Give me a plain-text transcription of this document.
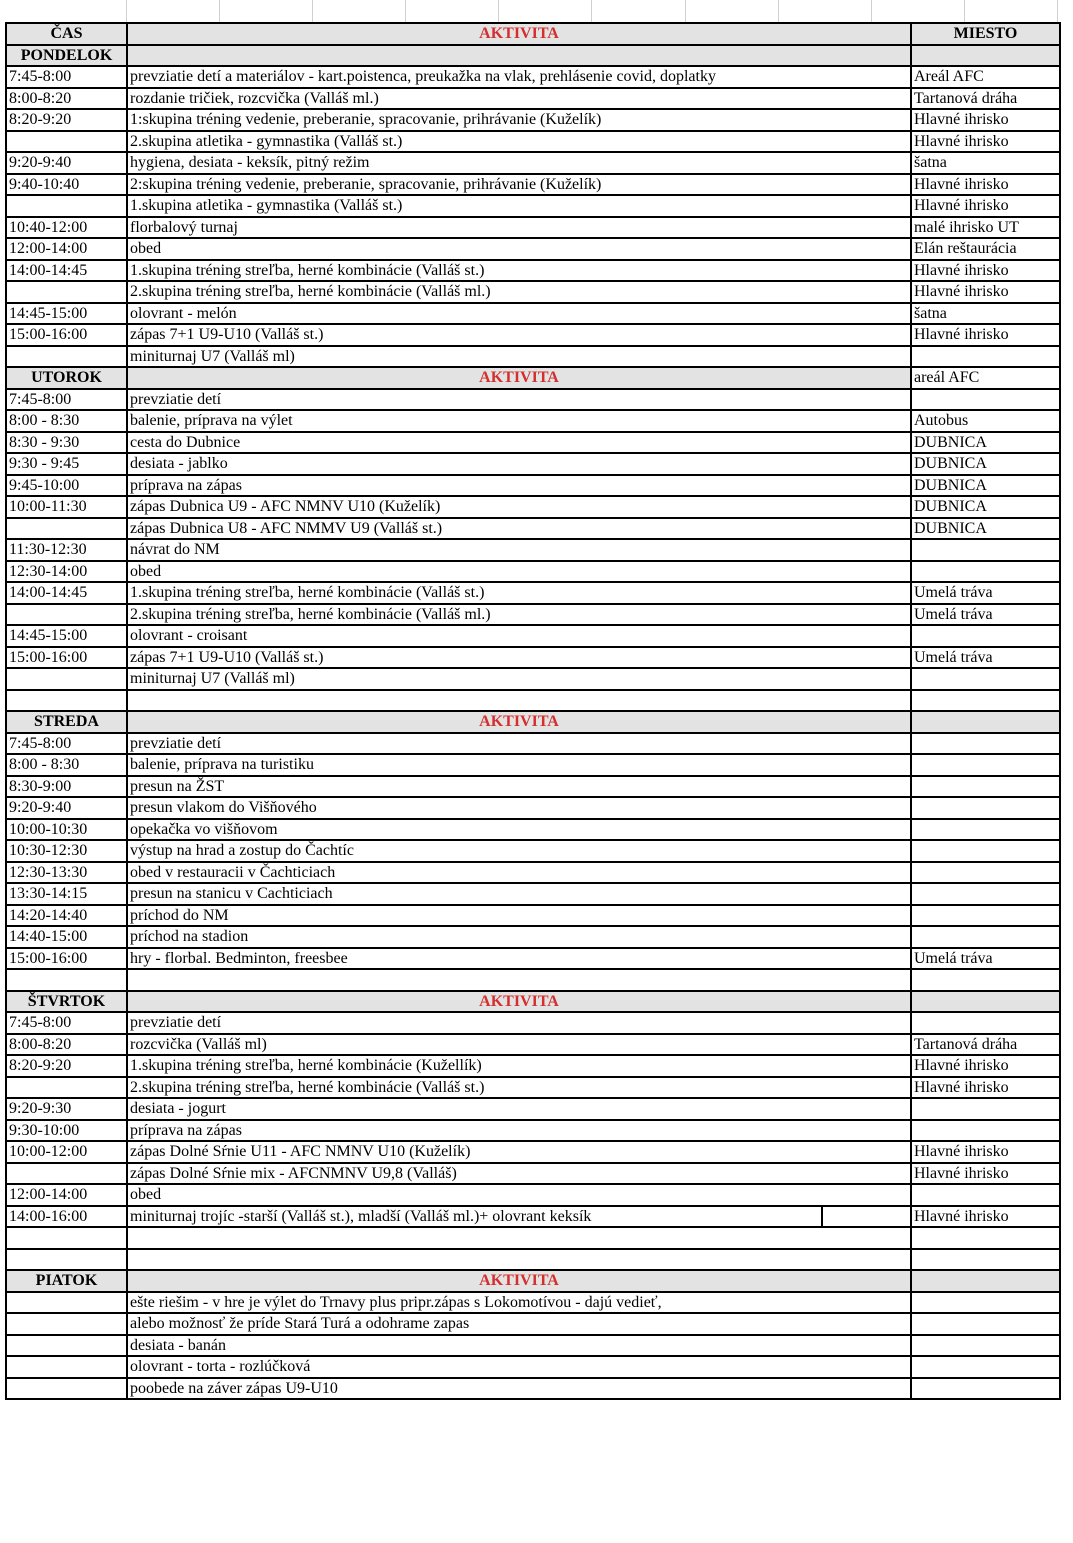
ČAS	AKTIVITA	MIESTO
PONDELOK		
7:45-8:00	prevziatie detí a materiálov - kart.poistenca, preukažka na vlak, prehlásenie covid, doplatky	Areál AFC
8:00-8:20	rozdanie tričiek, rozcvička (Valláš ml.)	Tartanová dráha
8:20-9:20	1:skupina tréning vedenie, preberanie, spracovanie, prihrávanie (Kuželík)	Hlavné ihrisko
	2.skupina atletika - gymnastika (Valláš st.)	Hlavné ihrisko
9:20-9:40	hygiena, desiata - keksík, pitný režim	šatna
9:40-10:40	2:skupina tréning vedenie, preberanie, spracovanie, prihrávanie (Kuželík)	Hlavné ihrisko
	1.skupina atletika - gymnastika (Valláš st.)	Hlavné ihrisko
10:40-12:00	florbalový turnaj	malé ihrisko UT
12:00-14:00	obed	Elán reštaurácia
14:00-14:45	1.skupina tréning streľba, herné kombinácie (Valláš st.)	Hlavné ihrisko
	2.skupina tréning streľba, herné kombinácie (Valláš ml.)	Hlavné ihrisko
14:45-15:00	olovrant - melón	šatna
15:00-16:00	zápas 7+1 U9-U10 (Valláš st.)	Hlavné ihrisko
	miniturnaj U7 (Valláš ml)	
UTOROK	AKTIVITA	areál AFC
7:45-8:00	prevziatie detí	
8:00 - 8:30	balenie, príprava na výlet	Autobus
8:30 - 9:30	cesta do Dubnice	DUBNICA
9:30 - 9:45	desiata - jablko	DUBNICA
9:45-10:00	príprava na zápas	DUBNICA
10:00-11:30	zápas Dubnica U9 - AFC NMNV U10 (Kuželík)	DUBNICA
	zápas Dubnica U8 - AFC NMMV U9 (Valláš st.)	DUBNICA
11:30-12:30	návrat do NM	
12:30-14:00	obed	
14:00-14:45	1.skupina tréning streľba, herné kombinácie (Valláš st.)	Umelá tráva
	2.skupina tréning streľba, herné kombinácie (Valláš ml.)	Umelá tráva
14:45-15:00	olovrant - croisant	
15:00-16:00	zápas 7+1 U9-U10 (Valláš st.)	Umelá tráva
	miniturnaj U7 (Valláš ml)	

STREDA	AKTIVITA	
7:45-8:00	prevziatie detí	
8:00 - 8:30	balenie, príprava na turistiku	
8:30-9:00	presun na ŽST	
9:20-9:40	presun vlakom do Višňového	
10:00-10:30	opekačka vo višňovom	
10:30-12:30	výstup na hrad a zostup do Čachtíc	
12:30-13:30	obed v restauracii v Čachticiach	
13:30-14:15	presun na stanicu v Cachticiach	
14:20-14:40	príchod do NM	
14:40-15:00	príchod na stadion	
15:00-16:00	hry - florbal. Bedminton, freesbee	Umelá tráva

ŠTVRTOK	AKTIVITA	
7:45-8:00	prevziatie detí	
8:00-8:20	rozcvička (Valláš ml)	Tartanová dráha
8:20-9:20	1.skupina tréning streľba, herné kombinácie (Kužellík)	Hlavné ihrisko
	2.skupina tréning streľba, herné kombinácie (Valláš st.)	Hlavné ihrisko
9:20-9:30	desiata - jogurt	
9:30-10:00	príprava na zápas	
10:00-12:00	zápas Dolné Sŕnie U11 - AFC NMNV U10 (Kuželík)	Hlavné ihrisko
	zápas Dolné Sŕnie mix - AFCNMNV U9,8 (Valláš)	Hlavné ihrisko
12:00-14:00	obed	
14:00-16:00	miniturnaj trojíc -starší (Valláš st.), mladší (Valláš ml.)+ olovrant keksík	Hlavné ihrisko

PIATOK	AKTIVITA	
	ešte riešim - v hre je výlet do Trnavy plus pripr.zápas s Lokomotívou - dajú vedieť,	
	alebo možnosť že príde Stará Turá a odohrame zapas	
	desiata - banán	
	olovrant - torta - rozlúčková	
	poobede na záver zápas U9-U10	
